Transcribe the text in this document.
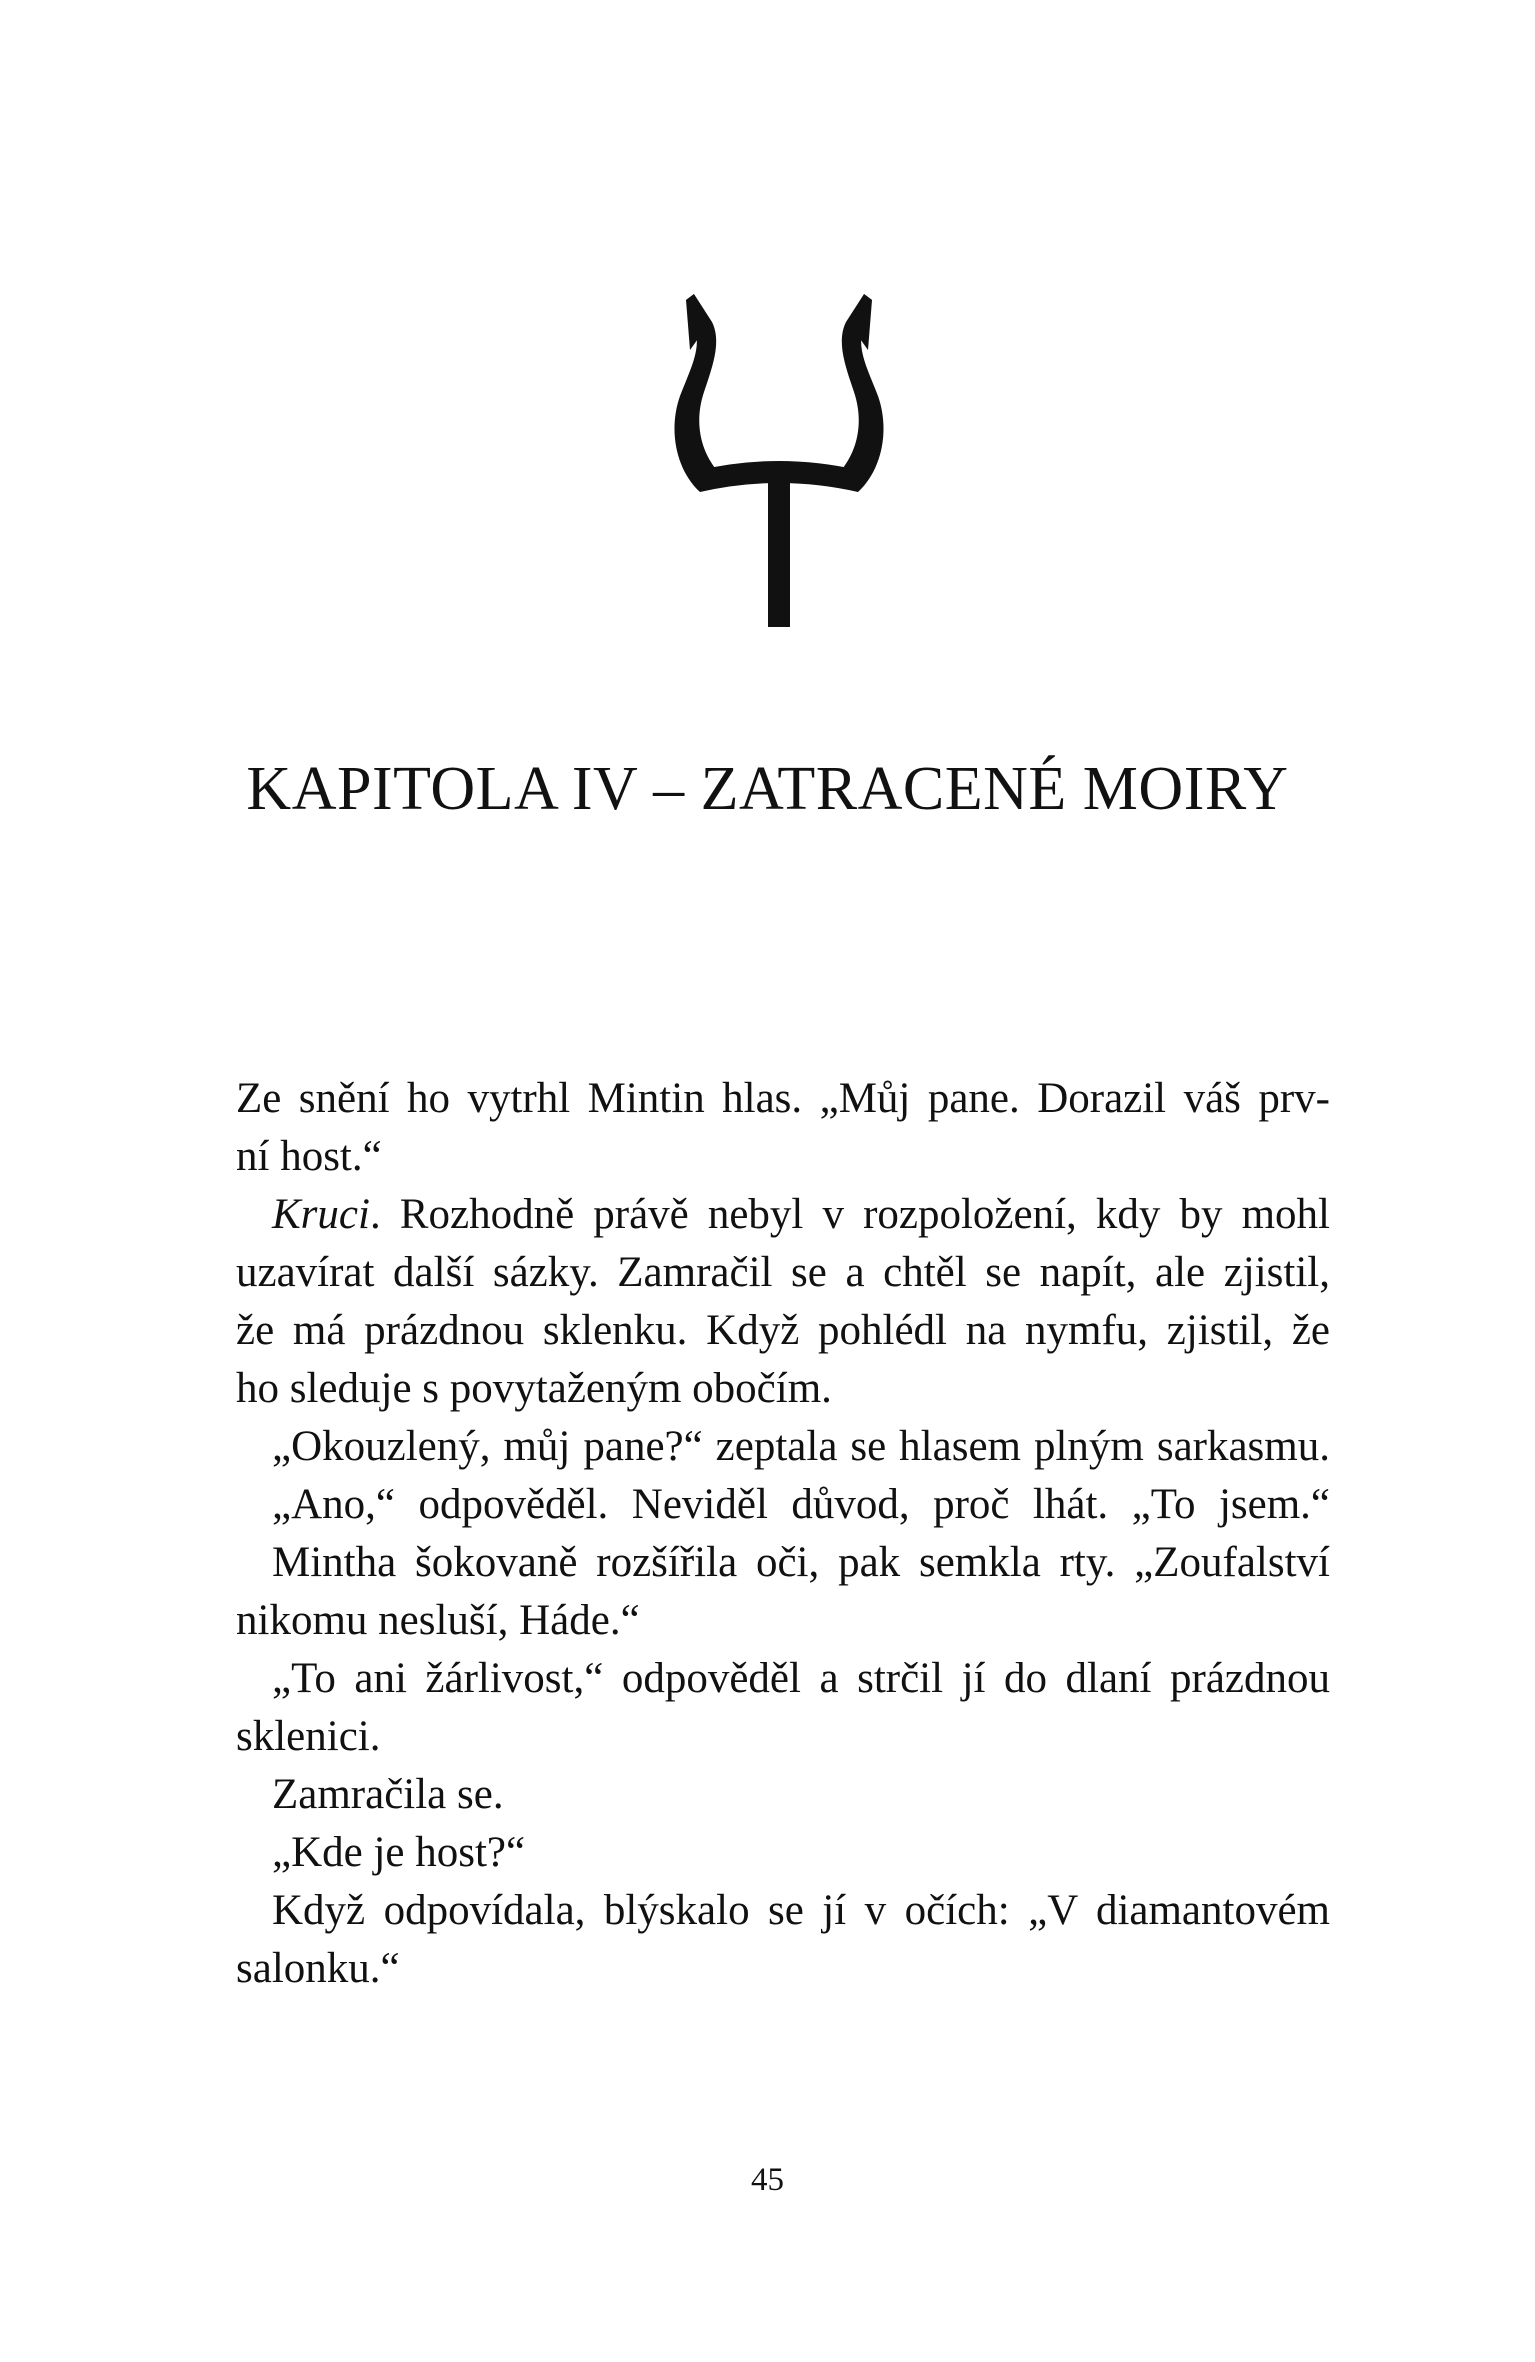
KAPITOLA IV – ZATRACENÉ MOIRY
Ze snění ho vytrhl Mintin hlas. „Můj pane. Dorazil váš prv-
ní host.“
Kruci. Rozhodně právě nebyl v rozpoložení, kdy by mohl
uzavírat další sázky. Zamračil se a chtěl se napít, ale zjistil,
že má prázdnou sklenku. Když pohlédl na nymfu, zjistil, že
ho sleduje s povytaženým obočím.
„Okouzlený, můj pane?“ zeptala se hlasem plným sarkasmu.
„Ano,“ odpověděl. Neviděl důvod, proč lhát. „To jsem.“
Mintha šokovaně rozšířila oči, pak semkla rty. „Zoufalství
nikomu nesluší, Háde.“
„To ani žárlivost,“ odpověděl a strčil jí do dlaní prázdnou
sklenici.
Zamračila se.
„Kde je host?“
Když odpovídala, blýskalo se jí v očích: „V diamantovém
salonku.“
45
